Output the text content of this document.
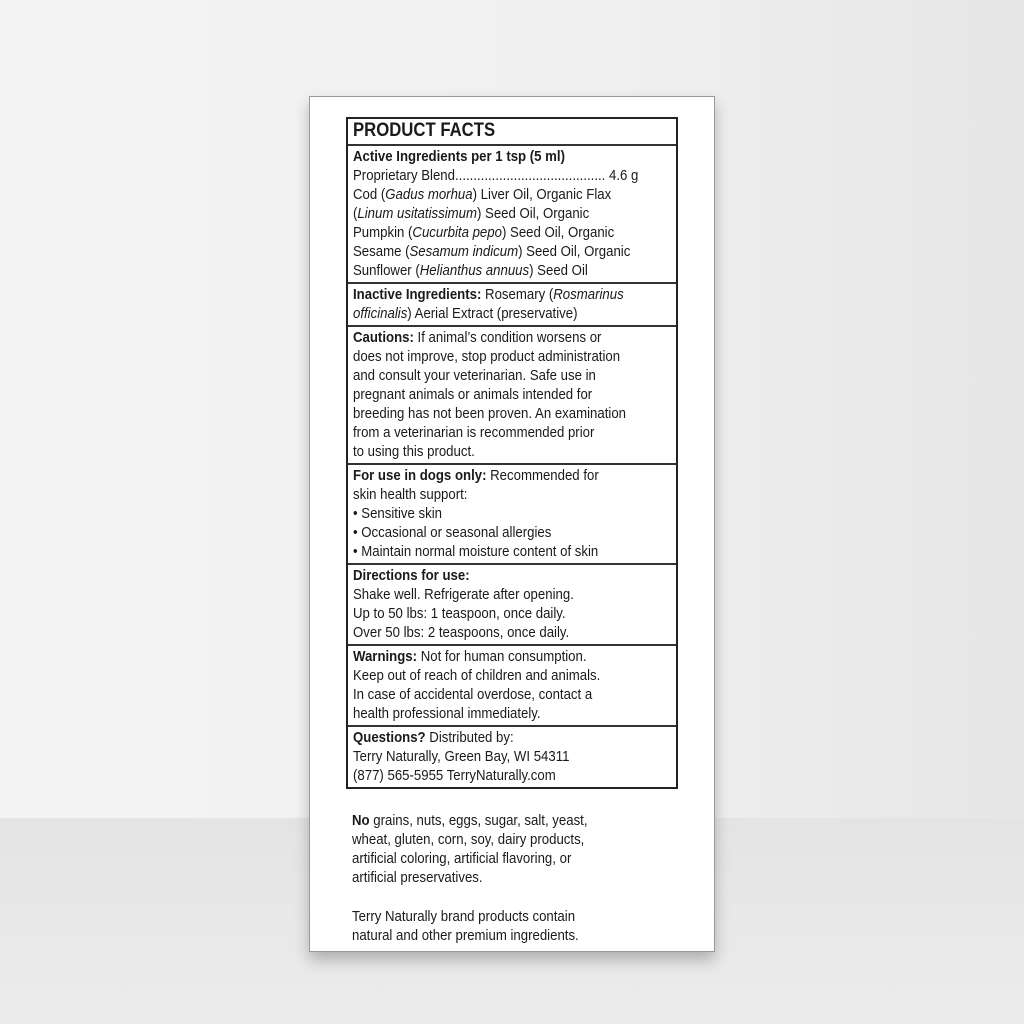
PRODUCT FACTS
Active Ingredients per 1 tsp (5 ml)
Proprietary Blend......................................... 4.6 g
Cod (Gadus morhua) Liver Oil, Organic Flax
(Linum usitatissimum) Seed Oil, Organic
Pumpkin (Cucurbita pepo) Seed Oil, Organic
Sesame (Sesamum indicum) Seed Oil, Organic
Sunflower (Helianthus annuus) Seed Oil
Inactive Ingredients: Rosemary (Rosmarinus
officinalis) Aerial Extract (preservative)
Cautions: If animal’s condition worsens or
does not improve, stop product administration
and consult your veterinarian. Safe use in
pregnant animals or animals intended for
breeding has not been proven. An examination
from a veterinarian is recommended prior
to using this product.
For use in dogs only: Recommended for
skin health support:
• Sensitive skin
• Occasional or seasonal allergies
• Maintain normal moisture content of skin
Directions for use:
Shake well. Refrigerate after opening.
Up to 50 lbs: 1 teaspoon, once daily.
Over 50 lbs: 2 teaspoons, once daily.
Warnings: Not for human consumption.
Keep out of reach of children and animals.
In case of accidental overdose, contact a
health professional immediately.
Questions? Distributed by:
Terry Naturally, Green Bay, WI 54311
(877) 565-5955 TerryNaturally.com
No grains, nuts, eggs, sugar, salt, yeast,
wheat, gluten, corn, soy, dairy products,
artificial coloring, artificial flavoring, or
artificial preservatives.
Terry Naturally brand products contain
natural and other premium ingredients.
